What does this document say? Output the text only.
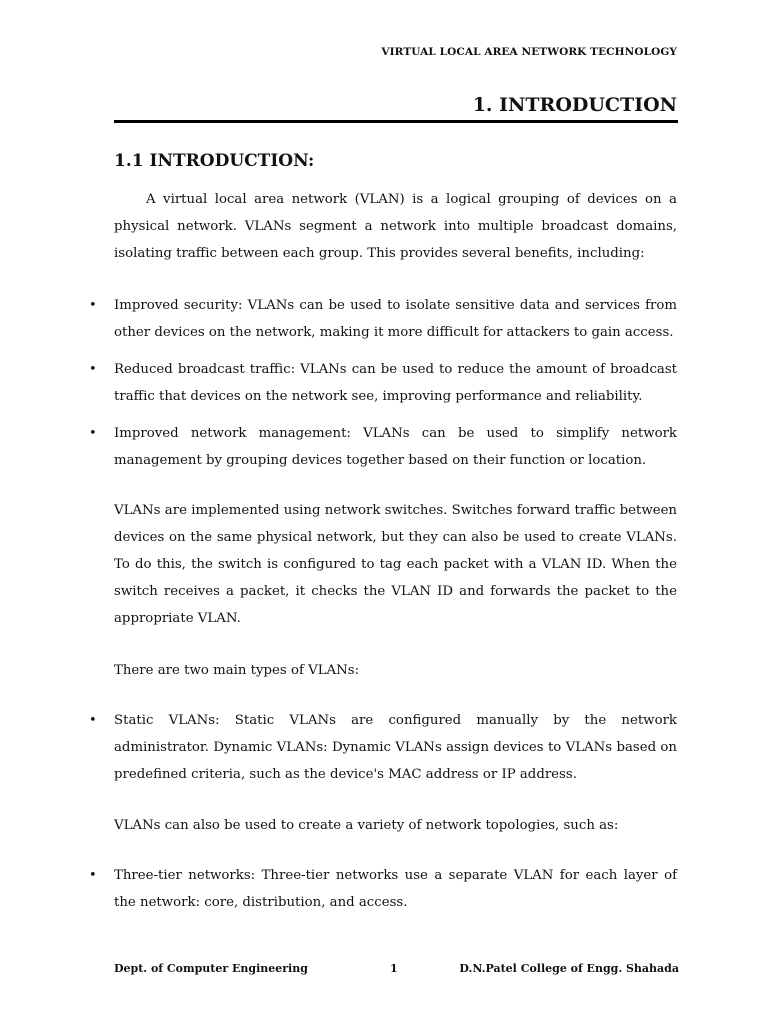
VIRTUAL LOCAL AREA NETWORK TECHNOLOGY
1. INTRODUCTION
1.1 INTRODUCTION:

A virtual local area network (VLAN) is a logical grouping of devices on a physical network. VLANs segment a network into multiple broadcast domains, isolating traffic between each group. This provides several benefits, including:

• Improved security: VLANs can be used to isolate sensitive data and services from other devices on the network, making it more difficult for attackers to gain access.

• Reduced broadcast traffic: VLANs can be used to reduce the amount of broadcast traffic that devices on the network see, improving performance and reliability.

• Improved network management: VLANs can be used to simplify network management by grouping devices together based on their function or location.

VLANs are implemented using network switches. Switches forward traffic between devices on the same physical network, but they can also be used to create VLANs. To do this, the switch is configured to tag each packet with a VLAN ID. When the switch receives a packet, it checks the VLAN ID and forwards the packet to the appropriate VLAN.

There are two main types of VLANs:

• Static VLANs: Static VLANs are configured manually by the network administrator. Dynamic VLANs: Dynamic VLANs assign devices to VLANs based on predefined criteria, such as the device's MAC address or IP address.

VLANs can also be used to create a variety of network topologies, such as:

• Three-tier networks: Three-tier networks use a separate VLAN for each layer of the network: core, distribution, and access.

Dept. of Computer Engineering	1	D.N.Patel College of Engg. Shahada
